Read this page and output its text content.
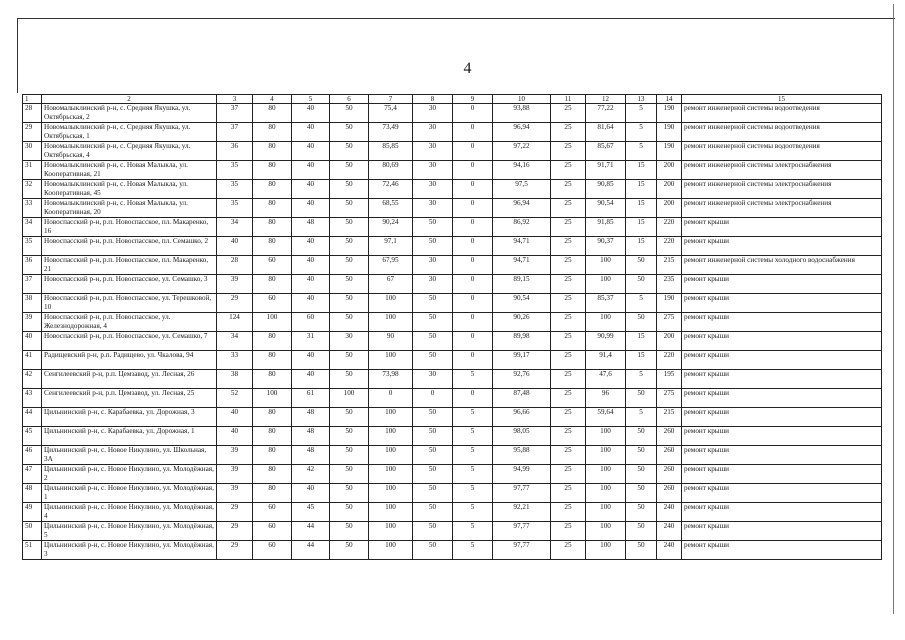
4
1	2	3	4	5	6	7	8	9	10	11	12	13	14	15
28	Новомалыклинский р-н, с. Средняя Якушка, ул. Октябрьская, 2	37	80	40	50	75,4	30	0	93,88	25	77,22	5	190	ремонт инженерной системы водоотведения
29	Новомалыклинский р-н, с. Средняя Якушка, ул. Октябрьская, 1	37	80	40	50	73,49	30	0	96,94	25	81,64	5	190	ремонт инженерной системы водоотведения
30	Новомалыклинский р-н, с. Средняя Якушка, ул. Октябрьская, 4	36	80	40	50	85,85	30	0	97,22	25	85,67	5	190	ремонт инженерной системы водоотведения
31	Новомалыклинский р-н, с. Новая Малыкла, ул. Кооперативная, 21	35	80	40	50	80,69	30	0	94,16	25	91,71	15	200	ремонт инженерной системы электроснабжения
32	Новомалыклинский р-н, с. Новая Малыкла, ул. Кооперативная, 45	35	80	40	50	72,46	30	0	97,5	25	90,85	15	200	ремонт инженерной системы электроснабжения
33	Новомалыклинский р-н, с. Новая Малыкла, ул. Кооперативная, 20	35	80	40	50	68,55	30	0	96,94	25	90,54	15	200	ремонт инженерной системы электроснабжения
34	Новоспасский р-н, р.п. Новоспасское, пл. Макаренко, 16	34	80	48	50	90,24	50	0	86,92	25	91,85	15	220	ремонт крыши
35	Новоспасский р-н, р.п. Новоспасское, пл. Семашко, 2	40	80	40	50	97,1	50	0	94,71	25	90,37	15	220	ремонт крыши
36	Новоспасский р-н, р.п. Новоспасское, пл. Макаренко, 21	28	60	40	50	67,95	30	0	94,71	25	100	50	215	ремонт инженерной системы холодного водоснабжения
37	Новоспасский р-н, р.п. Новоспасское, ул. Семашко, 3	39	80	40	50	67	30	0	89,15	25	100	50	235	ремонт крыши
38	Новоспасский р-н, р.п. Новоспасское, ул. Терешковой, 10	29	60	40	50	100	50	0	90,54	25	85,37	5	190	ремонт крыши
39	Новоспасский р-н, р.п. Новоспасское, ул. Железнодорожная, 4	124	100	60	50	100	50	0	90,26	25	100	50	275	ремонт крыши
40	Новоспасский р-н, р.п. Новоспасское, ул. Семашко, 7	34	80	31	30	90	50	0	89,98	25	90,99	15	200	ремонт крыши
41	Радищевский р-н, р.п. Радищево, ул. Чкалова, 94	33	80	40	50	100	50	0	99,17	25	91,4	15	220	ремонт крыши
42	Сенгилеевский р-н, р.п. Цемзавод, ул. Лесная, 26	38	80	40	50	73,98	30	5	92,76	25	47,6	5	195	ремонт крыши
43	Сенгилеевский р-н, р.п. Цемзавод, ул. Лесная, 25	52	100	61	100	0	0	0	87,48	25	96	50	275	ремонт крыши
44	Цильнинский р-н, с. Карабаевка, ул. Дорожная, 3	40	80	48	50	100	50	5	96,66	25	59,64	5	215	ремонт крыши
45	Цильнинский р-н, с. Карабаевка, ул. Дорожная, 1	40	80	48	50	100	50	5	98,05	25	100	50	260	ремонт крыши
46	Цильнинский р-н, с. Новое Никулино, ул. Школьная, 3А	39	80	48	50	100	50	5	95,88	25	100	50	260	ремонт крыши
47	Цильнинский р-н, с. Новое Никулино, ул. Молодёжная, 2	39	80	42	50	100	50	5	94,99	25	100	50	260	ремонт крыши
48	Цильнинский р-н, с. Новое Никулино, ул. Молодёжная, 1	39	80	40	50	100	50	5	97,77	25	100	50	260	ремонт крыши
49	Цильнинский р-н, с. Новое Никулино, ул. Молодёжная, 4	29	60	45	50	100	50	5	92,21	25	100	50	240	ремонт крыши
50	Цильнинский р-н, с. Новое Никулино, ул. Молодёжная, 5	29	60	44	50	100	50	5	97,77	25	100	50	240	ремонт крыши
51	Цильнинский р-н, с. Новое Никулино, ул. Молодёжная, 3	29	60	44	50	100	50	5	97,77	25	100	50	240	ремонт крыши
